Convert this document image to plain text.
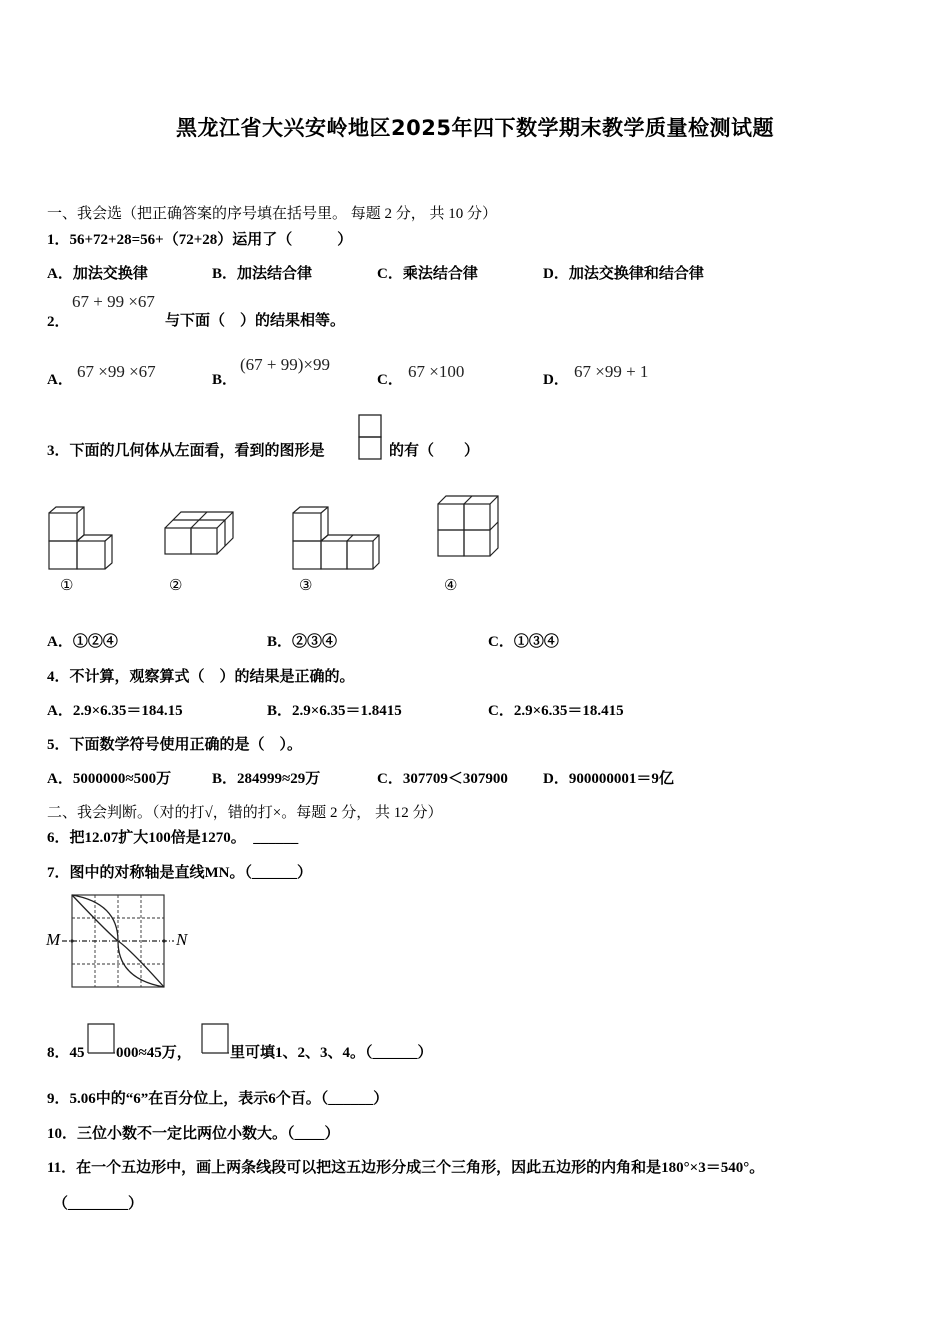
黑龙江省大兴安岭地区2025年四下数学期末教学质量检测试题
一、我会选（把正确答案的序号填在括号里。 每题 2 分， 共 10 分）
1．56+72+28=56+（72+28）运用了（　　　）
A．加法交换律	B．加法结合律	C．乘法结合律	D．加法交换律和结合律
2．
67 + 99 ×67
与下面（　）的结果相等。
A． 67 ×99 ×67	B．
(67 + 99)×99
C． 67 ×100	D． 67 ×99 + 1
3．下面的几何体从左面看，看到的图形是	的有（　　）
①	②	③	④
A．①②④	B．②③④	C．①③④
4．不计算，观察算式（　）的结果是正确的。
A．2.9×6.35＝184.15	B．2.9×6.35＝1.8415	C．2.9×6.35＝18.415
5．下面数学符号使用正确的是（　）。
A．5000000≈500万	B．284999≈29万	C．307709＜307900 D．900000001＝9亿
二、我会判断。（对的打√，错的打×。每题 2 分， 共 12 分）
6．把12.07扩大100倍是1270。　______
7．图中的对称轴是直线MN。（______）
M	N
8．45 000≈45万，	里可填1、2、3、4。（______）
9．5.06中的“6”在百分位上，表示6个百。（______）
10．三位小数不一定比两位小数大。（____）
11．在一个五边形中，画上两条线段可以把这五边形分成三个三角形，因此五边形的内角和是180°×3＝540°。
（________）
